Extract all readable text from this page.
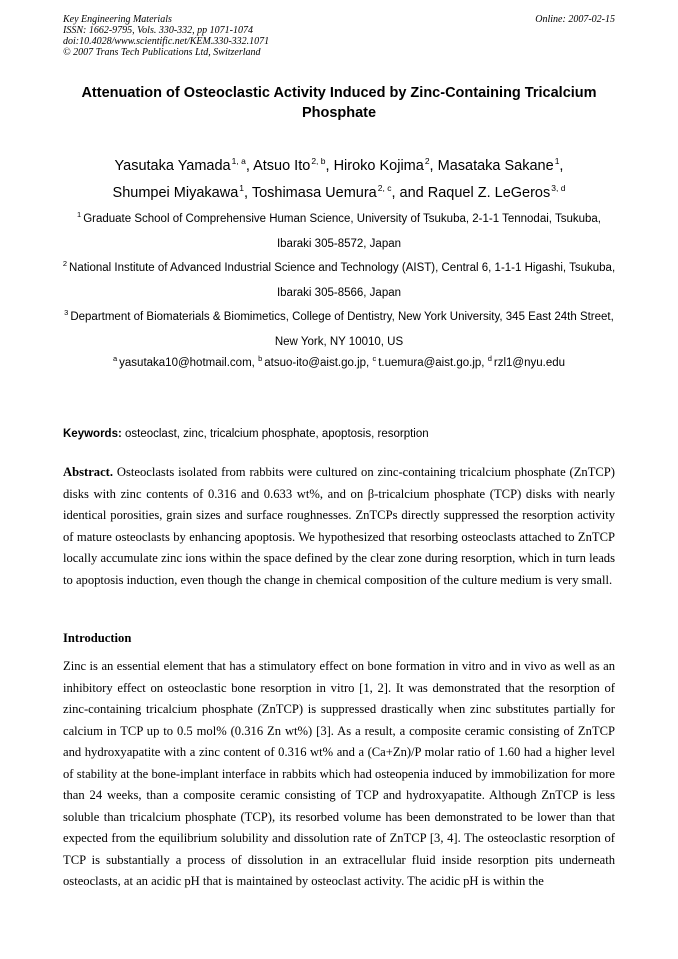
Key Engineering Materials
ISSN: 1662-9795, Vols. 330-332, pp 1071-1074
doi:10.4028/www.scientific.net/KEM.330-332.1071
© 2007 Trans Tech Publications Ltd, Switzerland
Online: 2007-02-15
Attenuation of Osteoclastic Activity Induced by Zinc-Containing Tricalcium Phosphate
Yasutaka Yamada$^{1, a}$, Atsuo Ito$^{2, b}$, Hiroko Kojima$^2$, Masataka Sakane$^1$,
Shumpei Miyakawa$^1$, Toshimasa Uemura$^{2, c}$, and Raquel Z. LeGeros$^{3, d}$
$^1$ Graduate School of Comprehensive Human Science, University of Tsukuba, 2-1-1 Tennodai, Tsukuba, Ibaraki 305-8572, Japan
$^2$ National Institute of Advanced Industrial Science and Technology (AIST), Central 6, 1-1-1 Higashi, Tsukuba, Ibaraki 305-8566, Japan
$^3$ Department of Biomaterials & Biomimetics, College of Dentistry, New York University, 345 East 24th Street, New York, NY 10010, US
$^a$ yasutaka10@hotmail.com, $^b$ atsuo-ito@aist.go.jp, $^c$ t.uemura@aist.go.jp, $^d$ rzl1@nyu.edu
Keywords: osteoclast, zinc, tricalcium phosphate, apoptosis, resorption
Abstract. Osteoclasts isolated from rabbits were cultured on zinc-containing tricalcium phosphate (ZnTCP) disks with zinc contents of 0.316 and 0.633 wt%, and on β-tricalcium phosphate (TCP) disks with nearly identical porosities, grain sizes and surface roughnesses. ZnTCPs directly suppressed the resorption activity of mature osteoclasts by enhancing apoptosis. We hypothesized that resorbing osteoclasts attached to ZnTCP locally accumulate zinc ions within the space defined by the clear zone during resorption, which in turn leads to apoptosis induction, even though the change in chemical composition of the culture medium is very small.
Introduction
Zinc is an essential element that has a stimulatory effect on bone formation in vitro and in vivo as well as an inhibitory effect on osteoclastic bone resorption in vitro [1, 2]. It was demonstrated that the resorption of zinc-containing tricalcium phosphate (ZnTCP) is suppressed drastically when zinc substitutes partially for calcium in TCP up to 0.5 mol% (0.316 Zn wt%) [3]. As a result, a composite ceramic consisting of ZnTCP and hydroxyapatite with a zinc content of 0.316 wt% and a (Ca+Zn)/P molar ratio of 1.60 had a higher level of stability at the bone-implant interface in rabbits which had osteopenia induced by immobilization for more than 24 weeks, than a composite ceramic consisting of TCP and hydroxyapatite. Although ZnTCP is less soluble than tricalcium phosphate (TCP), its resorbed volume has been demonstrated to be lower than that expected from the equilibrium solubility and dissolution rate of ZnTCP [3, 4]. The osteoclastic resorption of TCP is substantially a process of dissolution in an extracellular fluid inside resorption pits underneath osteoclasts, at an acidic pH that is maintained by osteoclast activity. The acidic pH is within the
